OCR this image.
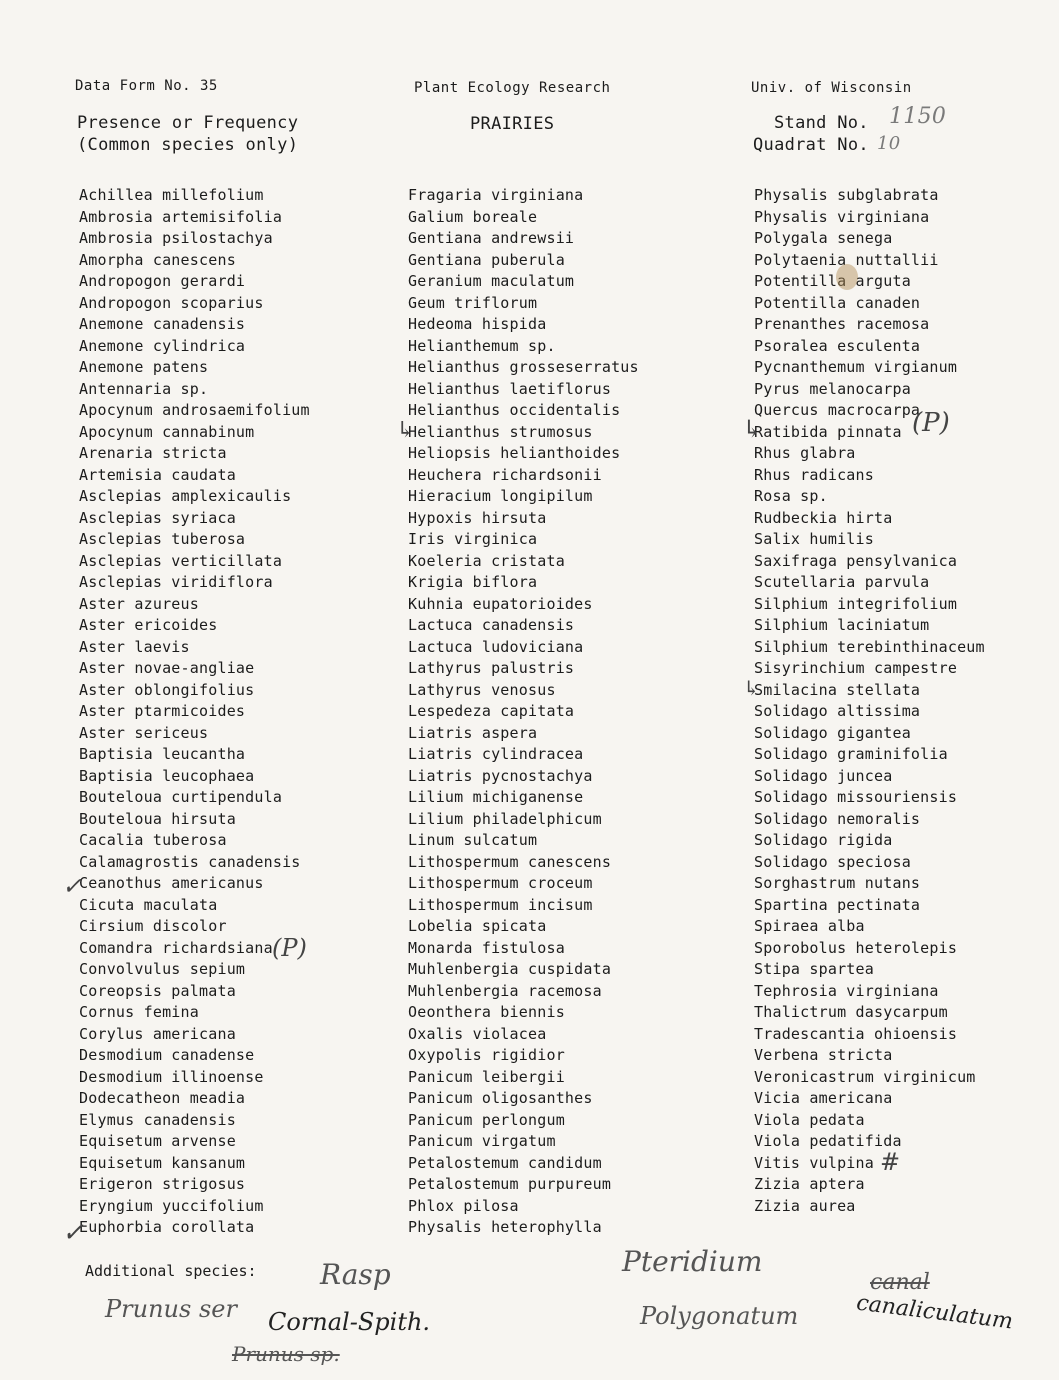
Data Form No. 35	Plant Ecology Research	Univ. of Wisconsin
Presence or Frequency
(Common species only)
PRAIRIES	Stand No. 1150
Quadrat No. 10
Achillea millefolium
Ambrosia artemisifolia
Ambrosia psilostachya
Amorpha canescens
Andropogon gerardi
Andropogon scoparius
Anemone canadensis
Anemone cylindrica
Anemone patens
Antennaria sp.
Apocynum androsaemifolium
Apocynum cannabinum
Arenaria stricta
Artemisia caudata
Asclepias amplexicaulis
Asclepias syriaca
Asclepias tuberosa
Asclepias verticillata
Asclepias viridiflora
Aster azureus
Aster ericoides
Aster laevis
Aster novae-angliae
Aster oblongifolius
Aster ptarmicoides
Aster sericeus
Baptisia leucantha
Baptisia leucophaea
Bouteloua curtipendula
Bouteloua hirsuta
Cacalia tuberosa
Calamagrostis canadensis
Ceanothus americanus
Cicuta maculata
Cirsium discolor
Comandra richardsiana
Convolvulus sepium
Coreopsis palmata
Cornus femina
Corylus americana
Desmodium canadense
Desmodium illinoense
Dodecatheon meadia
Elymus canadensis
Equisetum arvense
Equisetum kansanum
Erigeron strigosus
Eryngium yuccifolium
Euphorbia corollata
Fragaria virginiana
Galium boreale
Gentiana andrewsii
Gentiana puberula
Geranium maculatum
Geum triflorum
Hedeoma hispida
Helianthemum sp.
Helianthus grosseserratus
Helianthus laetiflorus
Helianthus occidentalis
Helianthus strumosus
Heliopsis helianthoides
Heuchera richardsonii
Hieracium longipilum
Hypoxis hirsuta
Iris virginica
Koeleria cristata
Krigia biflora
Kuhnia eupatorioides
Lactuca canadensis
Lactuca ludoviciana
Lathyrus palustris
Lathyrus venosus
Lespedeza capitata
Liatris aspera
Liatris cylindracea
Liatris pycnostachya
Lilium michiganense
Lilium philadelphicum
Linum sulcatum
Lithospermum canescens
Lithospermum croceum
Lithospermum incisum
Lobelia spicata
Monarda fistulosa
Muhlenbergia cuspidata
Muhlenbergia racemosa
Oeonthera biennis
Oxalis violacea
Oxypolis rigidior
Panicum leibergii
Panicum oligosanthes
Panicum perlongum
Panicum virgatum
Petalostemum candidum
Petalostemum purpureum
Phlox pilosa
Physalis heterophylla
Physalis subglabrata
Physalis virginiana
Polygala senega
Polytaenia nuttallii
Potentilla arguta
Potentilla canaden
Prenanthes racemosa
Psoralea esculenta
Pycnanthemum virgianum
Pyrus melanocarpa
Quercus macrocarpa
Ratibida pinnata
Rhus glabra
Rhus radicans
Rosa sp.
Rudbeckia hirta
Salix humilis
Saxifraga pensylvanica
Scutellaria parvula
Silphium integrifolium
Silphium laciniatum
Silphium terebinthinaceum
Sisyrinchium campestre
Smilacina stellata
Solidago altissima
Solidago gigantea
Solidago graminifolia
Solidago juncea
Solidago missouriensis
Solidago nemoralis
Solidago rigida
Solidago speciosa
Sorghastrum nutans
Spartina pectinata
Spiraea alba
Sporobolus heterolepis
Stipa spartea
Tephrosia virginiana
Thalictrum dasycarpum
Tradescantia ohioensis
Verbena stricta
Veronicastrum virginicum
Vicia americana
Viola pedata
Viola pedatifida
Vitis vulpina
Zizia aptera
Zizia aurea
Additional species: Rasp
Prunus ser Cornal-Spith.
Prunus sp.
Pteridium
Polygonatum
canal
canaliculatum
(P)
(P)
#
↳	↳
↳
✓
✓
